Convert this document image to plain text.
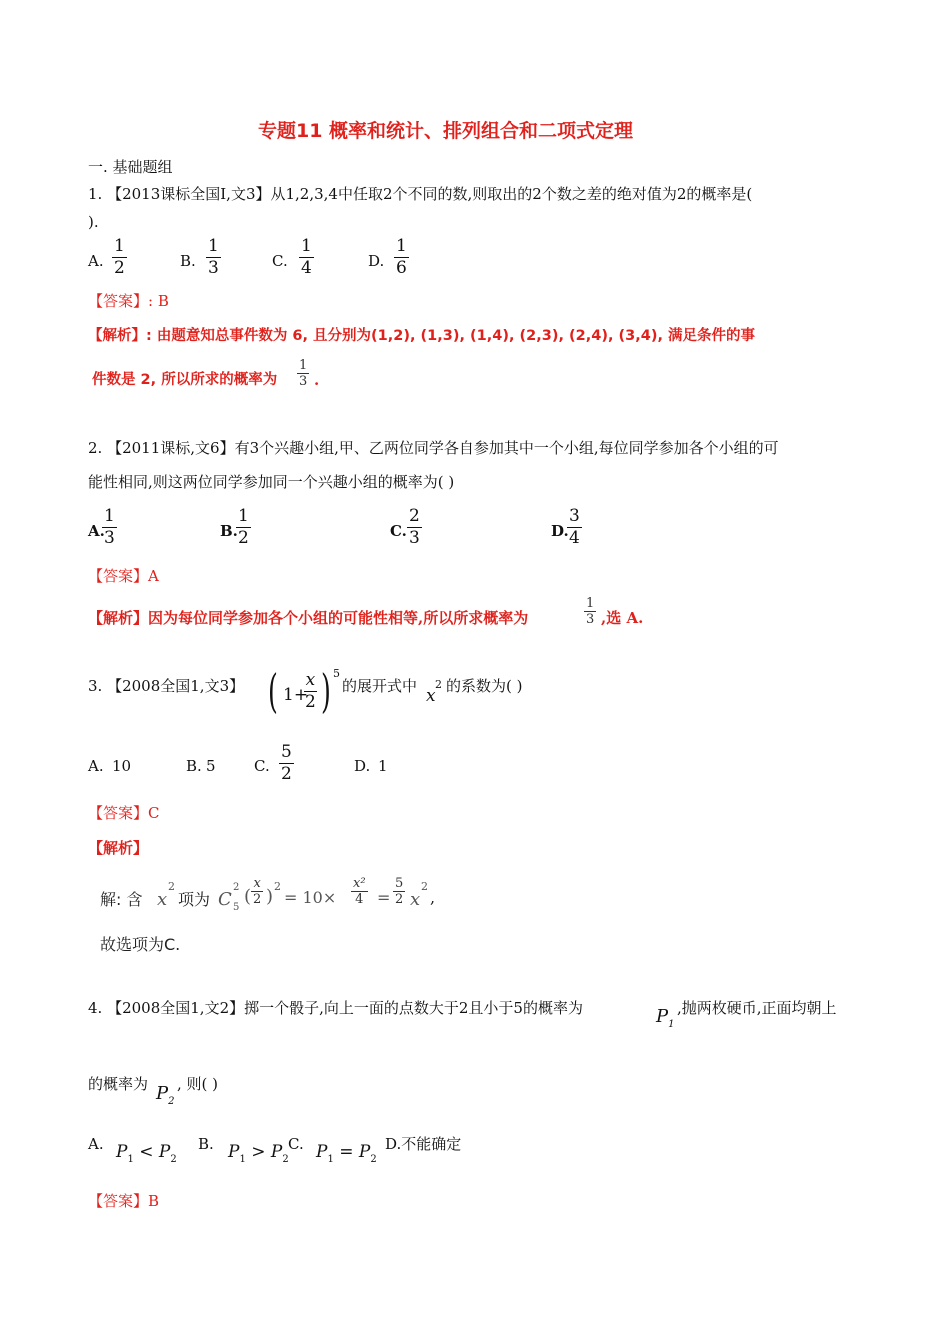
专题11 概率和统计、排列组合和二项式定理
一. 基础题组
1. 【2013课标全国Ⅰ,文3】从1,2,3,4中任取2个不同的数,则取出的2个数之差的绝对值为2的概率是(
).
A. $\frac{1}{2}$	B. $\frac{1}{3}$	C. $\frac{1}{4}$	D. $\frac{1}{6}$
【答案】: B
【解析】: 由题意知总事件数为 6, 且分别为(1,2), (1,3), (1,4), (2,3), (2,4), (3,4), 满足条件的事
件数是 2, 所以所求的概率为 $\frac{1}{3}$ .
2. 【2011课标,文6】有3个兴趣小组,甲、乙两位同学各自参加其中一个小组,每位同学参加各个小组的可
能性相同,则这两位同学参加同一个兴趣小组的概率为( )
A.
$\frac{1}{3}$	B.
$\frac{1}{2}$	C. $\frac{2}{3}$	D.
$\frac{3}{4}$
【答案】A
【解析】因为每位同学参加各个小组的可能性相等,所以所求概率为	$\frac{1}{3}$ ,选 A.
3. 【2008全国1,文3】 ( 1+
$\frac{x}{2}$ ) 5
的展开式中 x
2 的系数为( )
A. 10	B. 5	C. $\frac{5}{2}$	D. 1
【答案】C
【解析】
解: 含 x
2
项为 C
2
5
( $\frac{x}{2}$ ) 2
= $10\times \frac{\text{x²}}{4} = \frac{5}{2}$ x
2
,
故选项为C.
4. 【2008全国1,文2】掷一个骰子,向上一面的点数大于2且小于5的概率为	$P_1$
,抛两枚硬币,正面均朝上
的概率为 $P_2$
, 则( )
A. $P_1 < P_2$
B. $P_1 > P_2$
C. $P_1 = P_2$
D.不能确定
【答案】B
